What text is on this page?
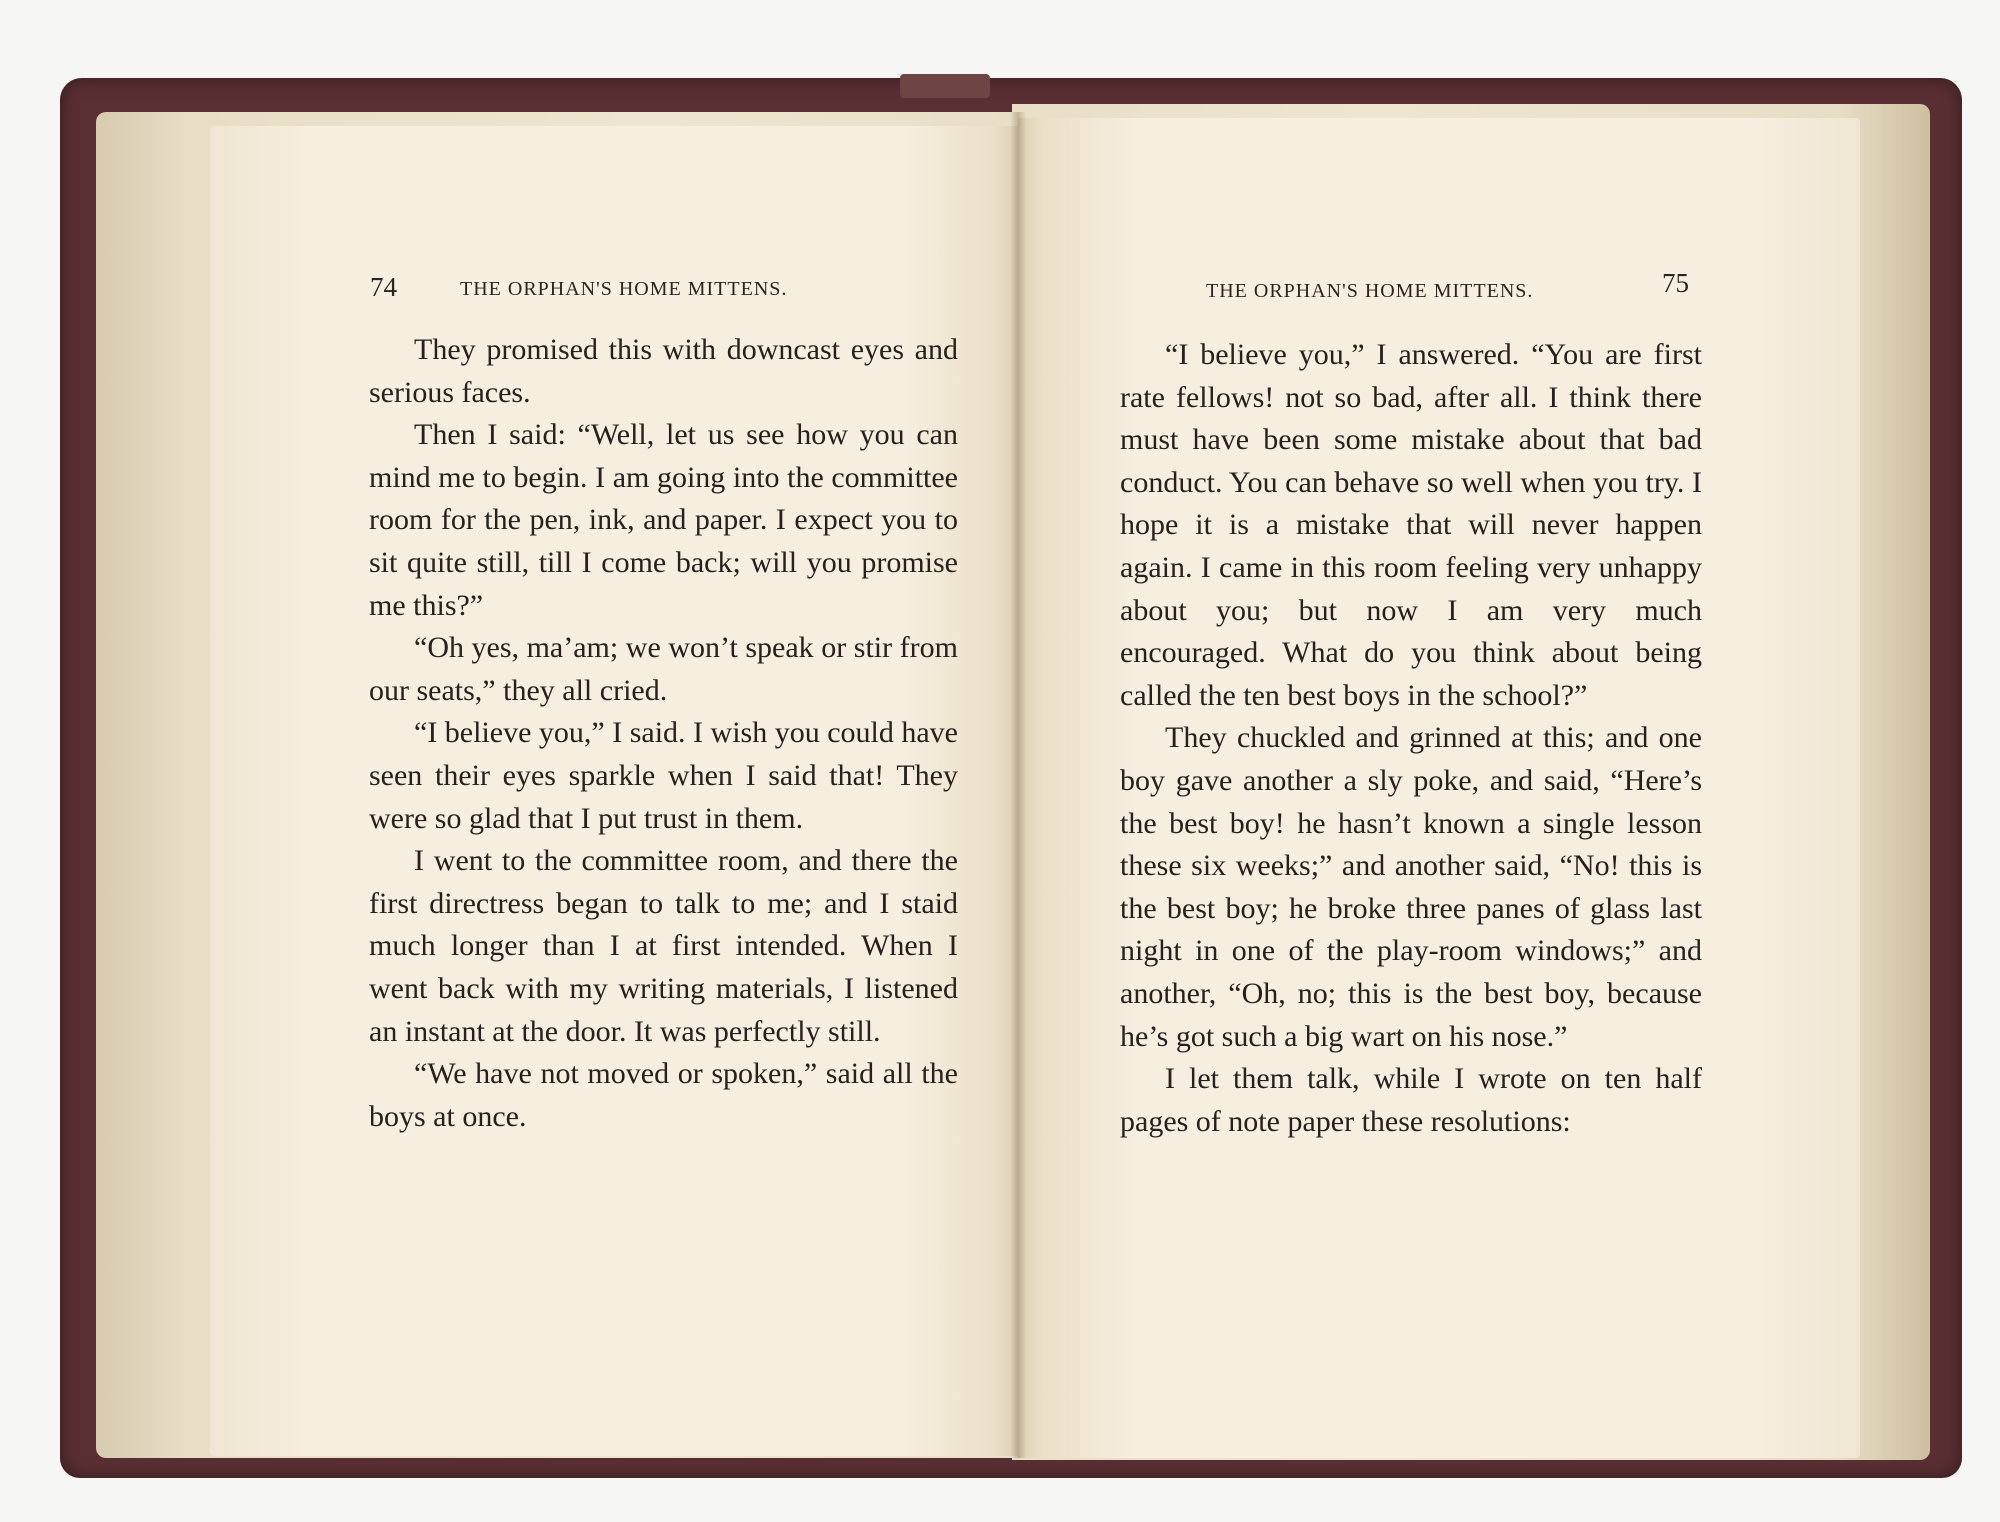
74	THE ORPHAN'S HOME MITTENS.	THE ORPHAN'S HOME MITTENS.	75

They promised this with downcast eyes and serious faces.

Then I said: “Well, let us see how you can mind me to begin. I am going into the committee room for the pen, ink, and paper. I expect you to sit quite still, till I come back; will you promise me this?”

“Oh yes, ma’am; we won’t speak or stir from our seats,” they all cried.

“I believe you,” I said. I wish you could have seen their eyes sparkle when I said that! They were so glad that I put trust in them.

I went to the committee room, and there the first directress began to talk to me; and I staid much longer than I at first intended. When I went back with my writing materials, I listened an instant at the door. It was perfectly still.

“We have not moved or spoken,” said all the boys at once.

“I believe you,” I answered. “You are first rate fellows! not so bad, after all. I think there must have been some mistake about that bad conduct. You can behave so well when you try. I hope it is a mistake that will never happen again. I came in this room feeling very unhappy about you; but now I am very much encouraged. What do you think about being called the ten best boys in the school?”

They chuckled and grinned at this; and one boy gave another a sly poke, and said, “Here’s the best boy! he hasn’t known a single lesson these six weeks;” and another said, “No! this is the best boy; he broke three panes of glass last night in one of the play-room windows;” and another, “Oh, no; this is the best boy, because he’s got such a big wart on his nose.”

I let them talk, while I wrote on ten half pages of note paper these resolutions:
